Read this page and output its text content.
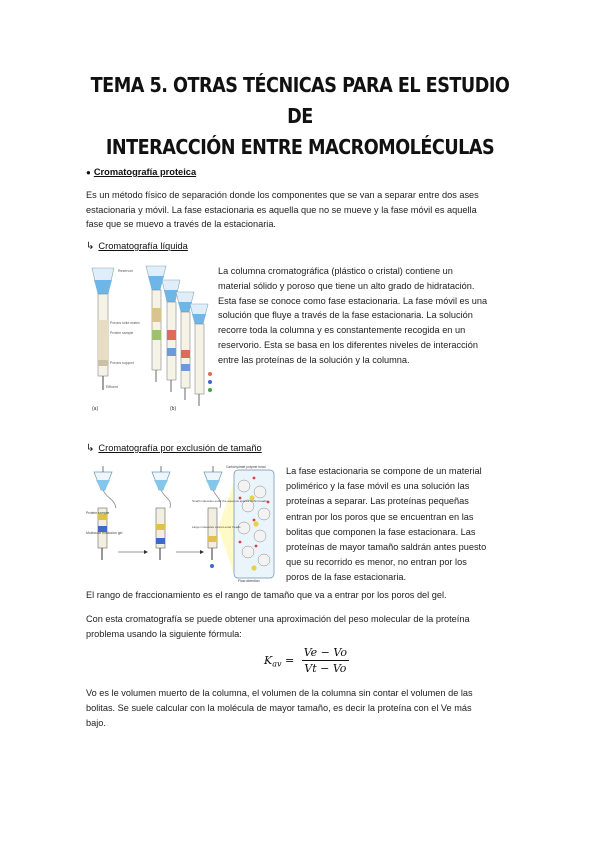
TEMA 5. OTRAS TÉCNICAS PARA EL ESTUDIO DE
INTERACCIÓN ENTRE MACROMOLÉCULAS
● Cromatografía proteica
Es un método físico de separación donde los componentes que se van a separar entre dos ases
estacionaria y móvil. La fase estacionaria es aquella que no se mueve y la fase móvil es aquella
fase que se muevo a través de la estacionaria.
↳ Cromatografía líquida
Reservoir
Porous solid matrix
Protein sample
Porous support
Effluent
(a)	(b)
La columna cromatográfica (plástico o cristal) contiene un
material sólido y poroso que tiene un alto grado de hidratación.
Esta fase se conoce como fase estacionaria. La fase móvil es una
solución que fluye a través de la fase estacionaria. La solución
recorre toda la columna y es constantemente recogida en un
reservorio. Esta se basa en los diferentes niveles de interacción
entre las proteínas de la solución y la columna.
↳ Cromatografía por exclusión de tamaño
Protein sample
Molecular exclusion gel
Flow direction
Carbohydrate polymer bead
Small molecules enter the aqueous spaces within beads
Large molecules cannot enter beads
La fase estacionaria se compone de un material
polimérico y la fase móvil es una solución las
proteínas a separar. Las proteínas pequeñas
entran por los poros que se encuentran en las
bolitas que componen la fase estacionara. Las
proteínas de mayor tamaño saldrán antes puesto
que su recorrido es menor, no entran por los
poros de la fase estacionaria.
El rango de fraccionamiento es el rango de tamaño que va a entrar por los poros del gel.
Con esta cromatografía se puede obtener una aproximación del peso molecular de la proteína
problema usando la siguiente fórmula:
$K_{av} = \frac{Ve - Vo}{Vt - Vo}$
Vo es le volumen muerto de la columna, el volumen de la columna sin contar el volumen de las
bolitas. Se suele calcular con la molécula de mayor tamaño, es decir la proteína con el Ve más
bajo.
